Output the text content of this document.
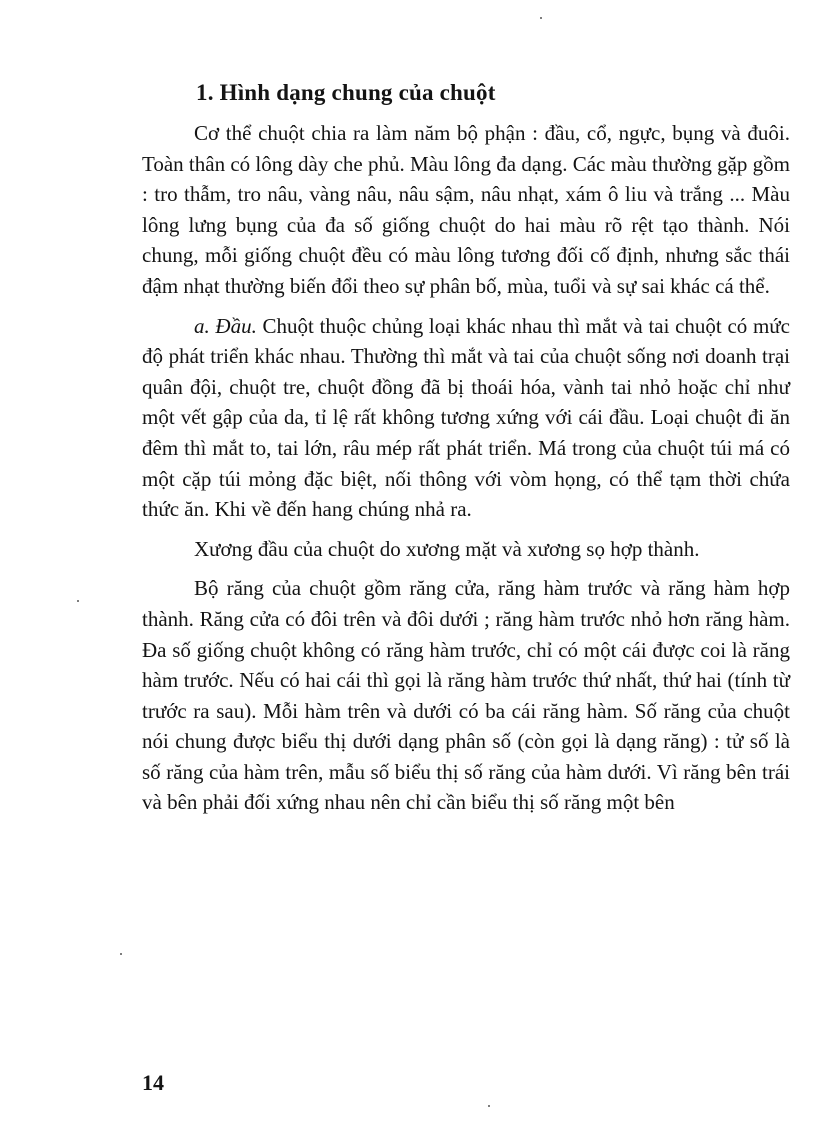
1. Hình dạng chung của chuột

Cơ thể chuột chia ra làm năm bộ phận : đầu, cổ, ngực, bụng và đuôi. Toàn thân có lông dày che phủ. Màu lông đa dạng. Các màu thường gặp gồm : tro thẫm, tro nâu, vàng nâu, nâu sậm, nâu nhạt, xám ô liu và trắng ... Màu lông lưng bụng của đa số giống chuột do hai màu rõ rệt tạo thành. Nói chung, mỗi giống chuột đều có màu lông tương đối cố định, nhưng sắc thái đậm nhạt thường biến đổi theo sự phân bố, mùa, tuổi và sự sai khác cá thể.

a. Đầu. Chuột thuộc chủng loại khác nhau thì mắt và tai chuột có mức độ phát triển khác nhau. Thường thì mắt và tai của chuột sống nơi doanh trại quân đội, chuột tre, chuột đồng đã bị thoái hóa, vành tai nhỏ hoặc chỉ như một vết gập của da, tỉ lệ rất không tương xứng với cái đầu. Loại chuột đi ăn đêm thì mắt to, tai lớn, râu mép rất phát triển. Má trong của chuột túi má có một cặp túi mỏng đặc biệt, nối thông với vòm họng, có thể tạm thời chứa thức ăn. Khi về đến hang chúng nhả ra.

Xương đầu của chuột do xương mặt và xương sọ hợp thành.

Bộ răng của chuột gồm răng cửa, răng hàm trước và răng hàm hợp thành. Răng cửa có đôi trên và đôi dưới ; răng hàm trước nhỏ hơn răng hàm. Đa số giống chuột không có răng hàm trước, chỉ có một cái được coi là răng hàm trước. Nếu có hai cái thì gọi là răng hàm trước thứ nhất, thứ hai (tính từ trước ra sau). Mỗi hàm trên và dưới có ba cái răng hàm. Số răng của chuột nói chung được biểu thị dưới dạng phân số (còn gọi là dạng răng) : tử số là số răng của hàm trên, mẫu số biểu thị số răng của hàm dưới. Vì răng bên trái và bên phải đối xứng nhau nên chỉ cần biểu thị số răng một bên

14
